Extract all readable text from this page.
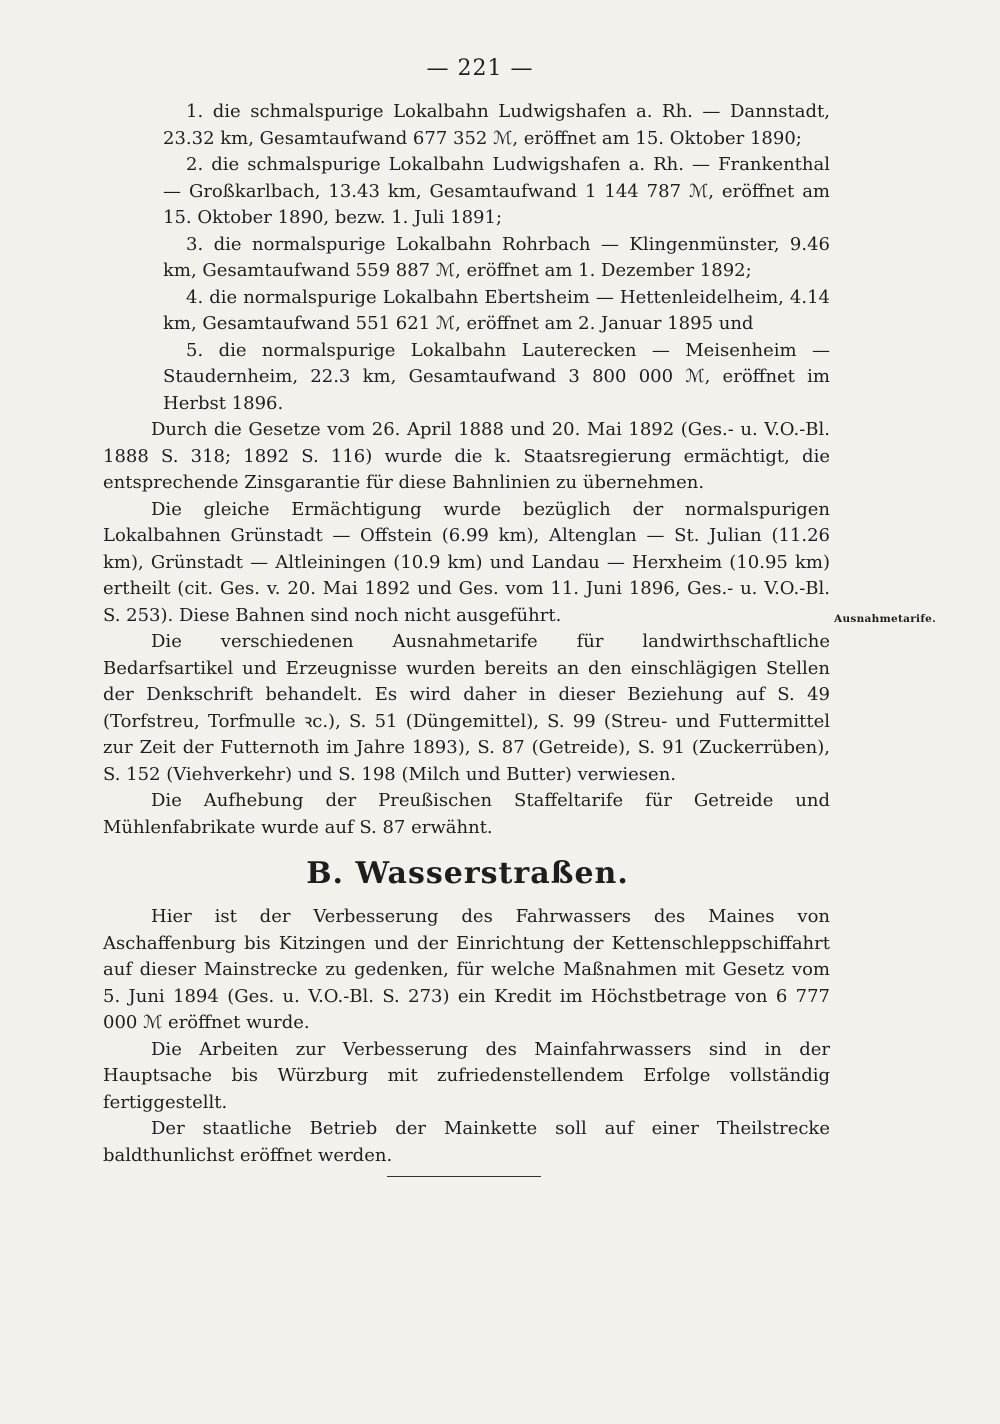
— 221 —
1. die schmalspurige Lokalbahn Ludwigshafen a. Rh. — Dannstadt, 23.32 km, Gesamtaufwand 677 352 ℳ, eröffnet am 15. Oktober 1890;
2. die schmalspurige Lokalbahn Ludwigshafen a. Rh. — Frankenthal — Großkarlbach, 13.43 km, Gesamtaufwand 1 144 787 ℳ, eröffnet am 15. Oktober 1890, bezw. 1. Juli 1891;
3. die normalspurige Lokalbahn Rohrbach — Klingenmünster, 9.46 km, Gesamtaufwand 559 887 ℳ, eröffnet am 1. Dezember 1892;
4. die normalspurige Lokalbahn Ebertsheim — Hettenleidelheim, 4.14 km, Gesamtaufwand 551 621 ℳ, eröffnet am 2. Januar 1895 und
5. die normalspurige Lokalbahn Lauterecken — Meisenheim — Staudernheim, 22.3 km, Gesamtaufwand 3 800 000 ℳ, eröffnet im Herbst 1896.

Durch die Gesetze vom 26. April 1888 und 20. Mai 1892 (Ges.- u. V.O.-Bl. 1888 S. 318; 1892 S. 116) wurde die k. Staatsregierung ermächtigt, die entsprechende Zinsgarantie für diese Bahnlinien zu übernehmen.

Die gleiche Ermächtigung wurde bezüglich der normalspurigen Lokalbahnen Grünstadt — Offstein (6.99 km), Altenglan — St. Julian (11.26 km), Grünstadt — Altleiningen (10.9 km) und Landau — Herxheim (10.95 km) ertheilt (cit. Ges. v. 20. Mai 1892 und Ges. vom 11. Juni 1896, Ges.- u. V.O.-Bl. S. 253). Diese Bahnen sind noch nicht ausgeführt.

Die verschiedenen Ausnahmetarife für landwirthschaftliche Bedarfsartikel und Erzeugnisse wurden bereits an den einschlägigen Stellen der Denkschrift behandelt. Es wird daher in dieser Beziehung auf S. 49 (Torfstreu, Torfmulle ꝛc.), S. 51 (Düngemittel), S. 99 (Streu- und Futtermittel zur Zeit der Futternoth im Jahre 1893), S. 87 (Getreide), S. 91 (Zuckerrüben), S. 152 (Viehverkehr) und S. 198 (Milch und Butter) verwiesen.

Die Aufhebung der Preußischen Staffeltarife für Getreide und Mühlenfabrikate wurde auf S. 87 erwähnt.

Ausnahmetarife.
B. Wasserstraßen.

Hier ist der Verbesserung des Fahrwassers des Maines von Aschaffenburg bis Kitzingen und der Einrichtung der Kettenschleppschiffahrt auf dieser Mainstrecke zu gedenken, für welche Maßnahmen mit Gesetz vom 5. Juni 1894 (Ges. u. V.O.-Bl. S. 273) ein Kredit im Höchstbetrage von 6 777 000 ℳ eröffnet wurde.

Die Arbeiten zur Verbesserung des Mainfahrwassers sind in der Hauptsache bis Würzburg mit zufriedenstellendem Erfolge vollständig fertiggestellt.

Der staatliche Betrieb der Mainkette soll auf einer Theilstrecke baldthunlichst eröffnet werden.
